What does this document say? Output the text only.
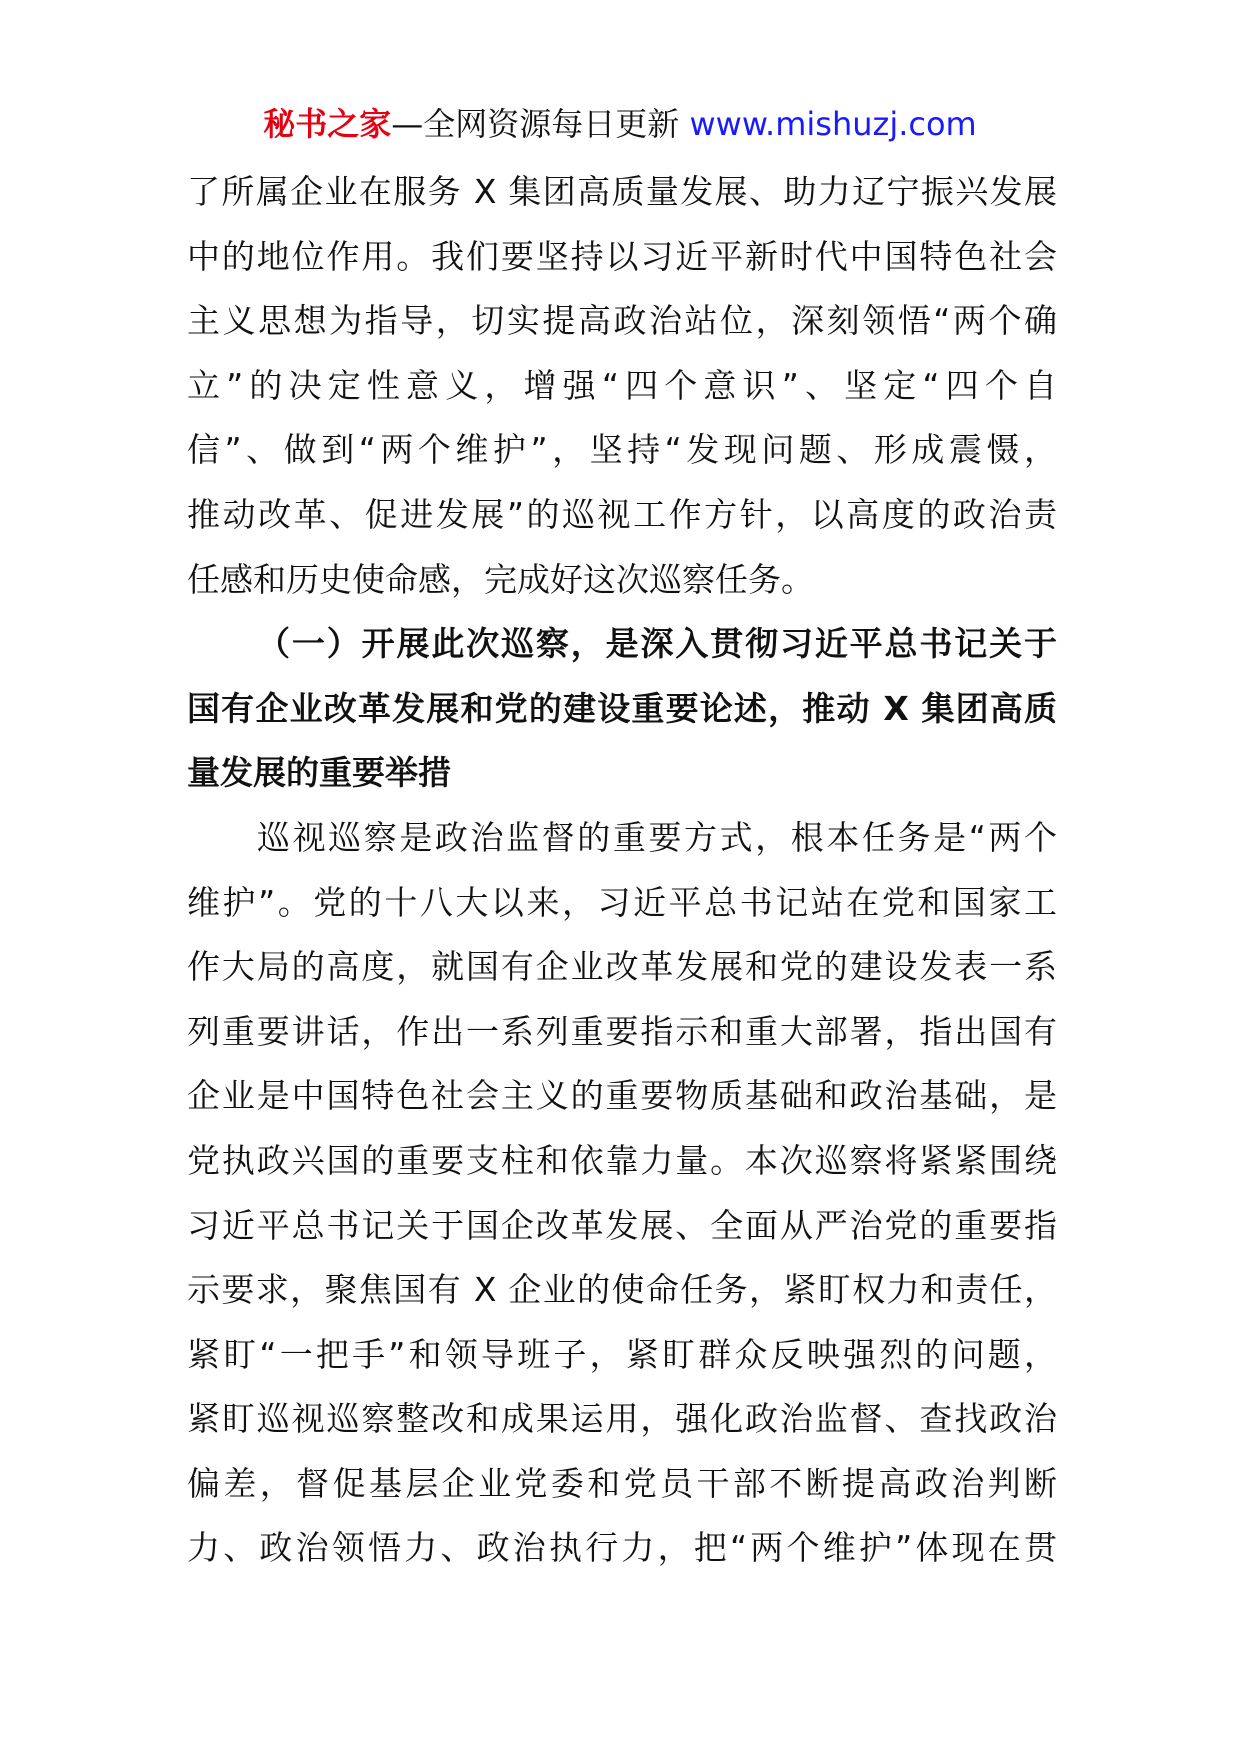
秘书之家—全网资源每日更新 www.mishuzj.com
了所属企业在服务 X 集团高质量发展、助力辽宁振兴发展
中的地位作用。我们要坚持以习近平新时代中国特色社会
主义思想为指导，切实提高政治站位，深刻领悟“两个确
立”的决定性意义，增强“四个意识”、坚定“四个自
信”、做到“两个维护”，坚持“发现问题、形成震慑，
推动改革、促进发展”的巡视工作方针，以高度的政治责
任感和历史使命感，完成好这次巡察任务。
（一）开展此次巡察，是深入贯彻习近平总书记关于
国有企业改革发展和党的建设重要论述，推动 X 集团高质
量发展的重要举措
巡视巡察是政治监督的重要方式，根本任务是“两个
维护”。党的十八大以来，习近平总书记站在党和国家工
作大局的高度，就国有企业改革发展和党的建设发表一系
列重要讲话，作出一系列重要指示和重大部署，指出国有
企业是中国特色社会主义的重要物质基础和政治基础，是
党执政兴国的重要支柱和依靠力量。本次巡察将紧紧围绕
习近平总书记关于国企改革发展、全面从严治党的重要指
示要求，聚焦国有 X 企业的使命任务，紧盯权力和责任，
紧盯“一把手”和领导班子，紧盯群众反映强烈的问题，
紧盯巡视巡察整改和成果运用，强化政治监督、查找政治
偏差，督促基层企业党委和党员干部不断提高政治判断
力、政治领悟力、政治执行力，把“两个维护”体现在贯
